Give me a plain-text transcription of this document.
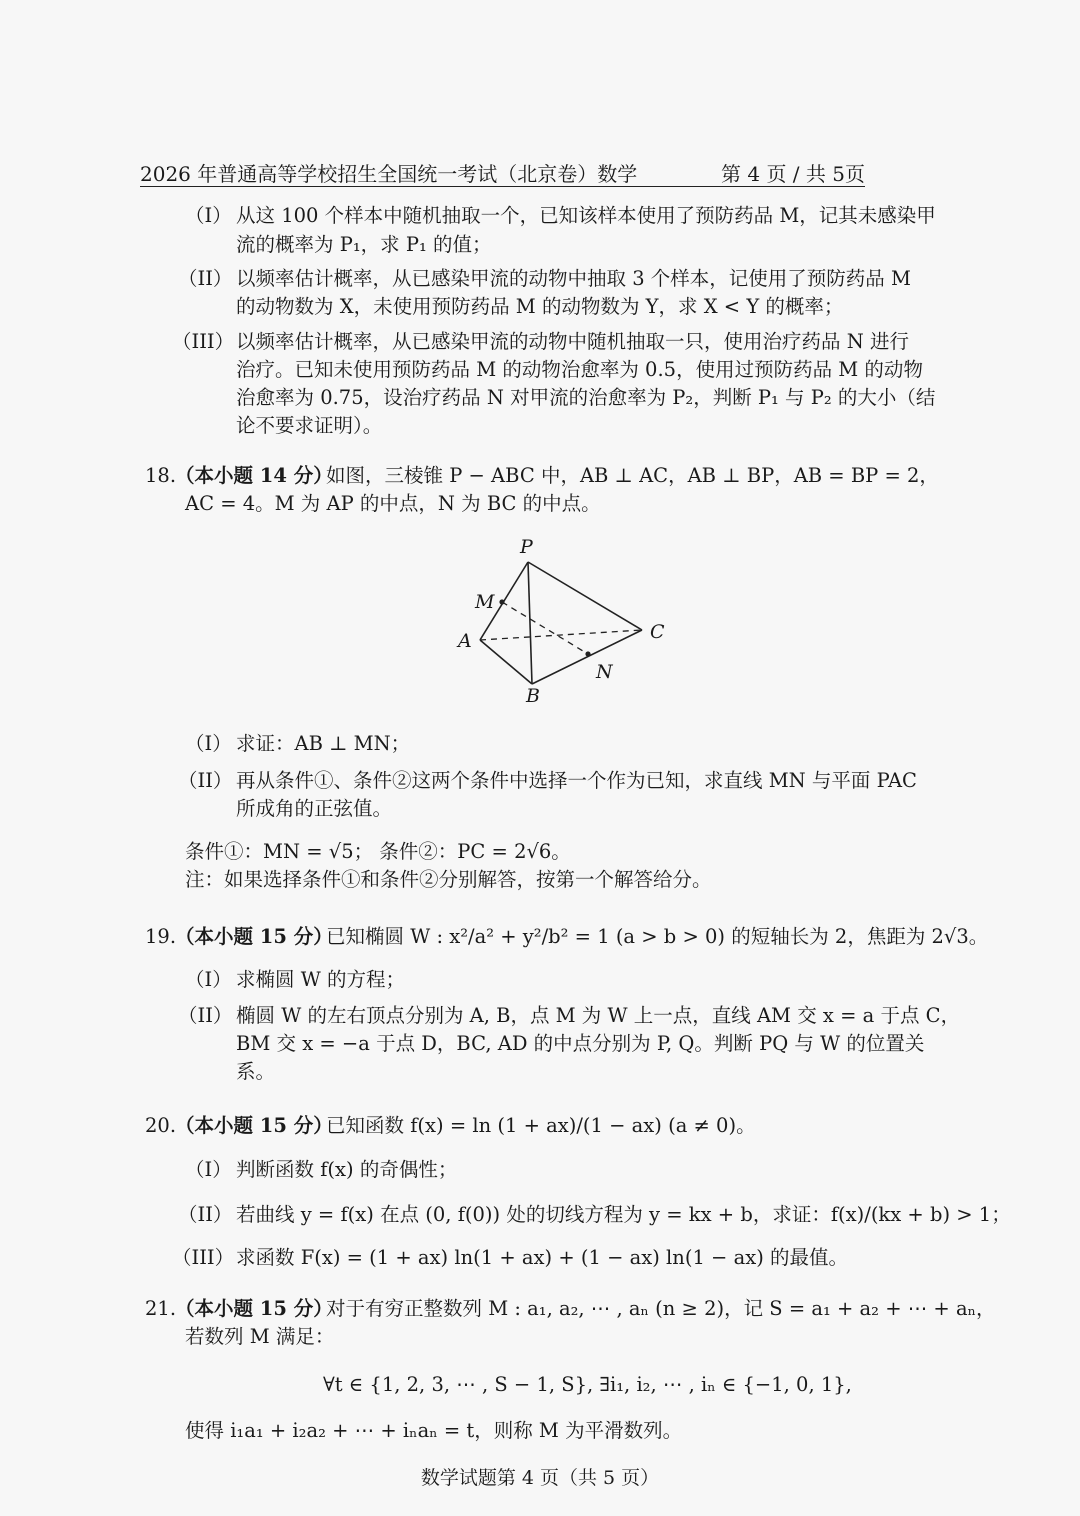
2026 年普通高等学校招生全国统一考试（北京卷）数学	第 4 页 / 共 5页
（I） 从这 100 个样本中随机抽取一个，已知该样本使用了预防药品 M，记其未感染甲
流的概率为 P₁，求 P₁ 的值；
（II） 以频率估计概率，从已感染甲流的动物中抽取 3 个样本，记使用了预防药品 M
的动物数为 X，未使用预防药品 M 的动物数为 Y，求 X < Y 的概率；
（III） 以频率估计概率，从已感染甲流的动物中随机抽取一只，使用治疗药品 N 进行
治疗。已知未使用预防药品 M 的动物治愈率为 0.5，使用过预防药品 M 的动物
治愈率为 0.75，设治疗药品 N 对甲流的治愈率为 P₂，判断 P₁ 与 P₂ 的大小（结
论不要求证明）。
18.
（本小题 14 分）
如图，三棱锥 P − ABC 中，AB ⊥ AC，AB ⊥ BP，AB = BP = 2，
AC = 4。M 为 AP 的中点，N 为 BC 的中点。
P
M
A	C
N
B
（I） 求证：AB ⊥ MN；
（II） 再从条件①、条件②这两个条件中选择一个作为已知，求直线 MN 与平面 PAC
所成角的正弦值。
条件①：MN = √5； 条件②：PC = 2√6。
注：如果选择条件①和条件②分别解答，按第一个解答给分。
19.
（本小题 15 分）
已知椭圆 W : x²/a² + y²/b² = 1 (a > b > 0) 的短轴长为 2，焦距为 2√3。
（I） 求椭圆 W 的方程；
（II） 椭圆 W 的左右顶点分别为 A, B，点 M 为 W 上一点，直线 AM 交 x = a 于点 C，
BM 交 x = −a 于点 D，BC, AD 的中点分别为 P, Q。判断 PQ 与 W 的位置关
系。
20.
（本小题 15 分）
已知函数 f(x) = ln (1 + ax)/(1 − ax) (a ≠ 0)。
（I） 判断函数 f(x) 的奇偶性；
（II） 若曲线 y = f(x) 在点 (0, f(0)) 处的切线方程为 y = kx + b，求证：f(x)/(kx + b) > 1；
（III） 求函数 F(x) = (1 + ax) ln(1 + ax) + (1 − ax) ln(1 − ax) 的最值。
21.
（本小题 15 分）
对于有穷正整数列 M : a₁, a₂, ⋯ , aₙ (n ≥ 2)，记 S = a₁ + a₂ + ⋯ + aₙ，
若数列 M 满足：
∀t ∈ {1, 2, 3, ⋯ , S − 1, S}, ∃i₁, i₂, ⋯ , iₙ ∈ {−1, 0, 1},
使得 i₁a₁ + i₂a₂ + ⋯ + iₙaₙ = t，则称 M 为平滑数列。
数学试题第 4 页（共 5 页）
